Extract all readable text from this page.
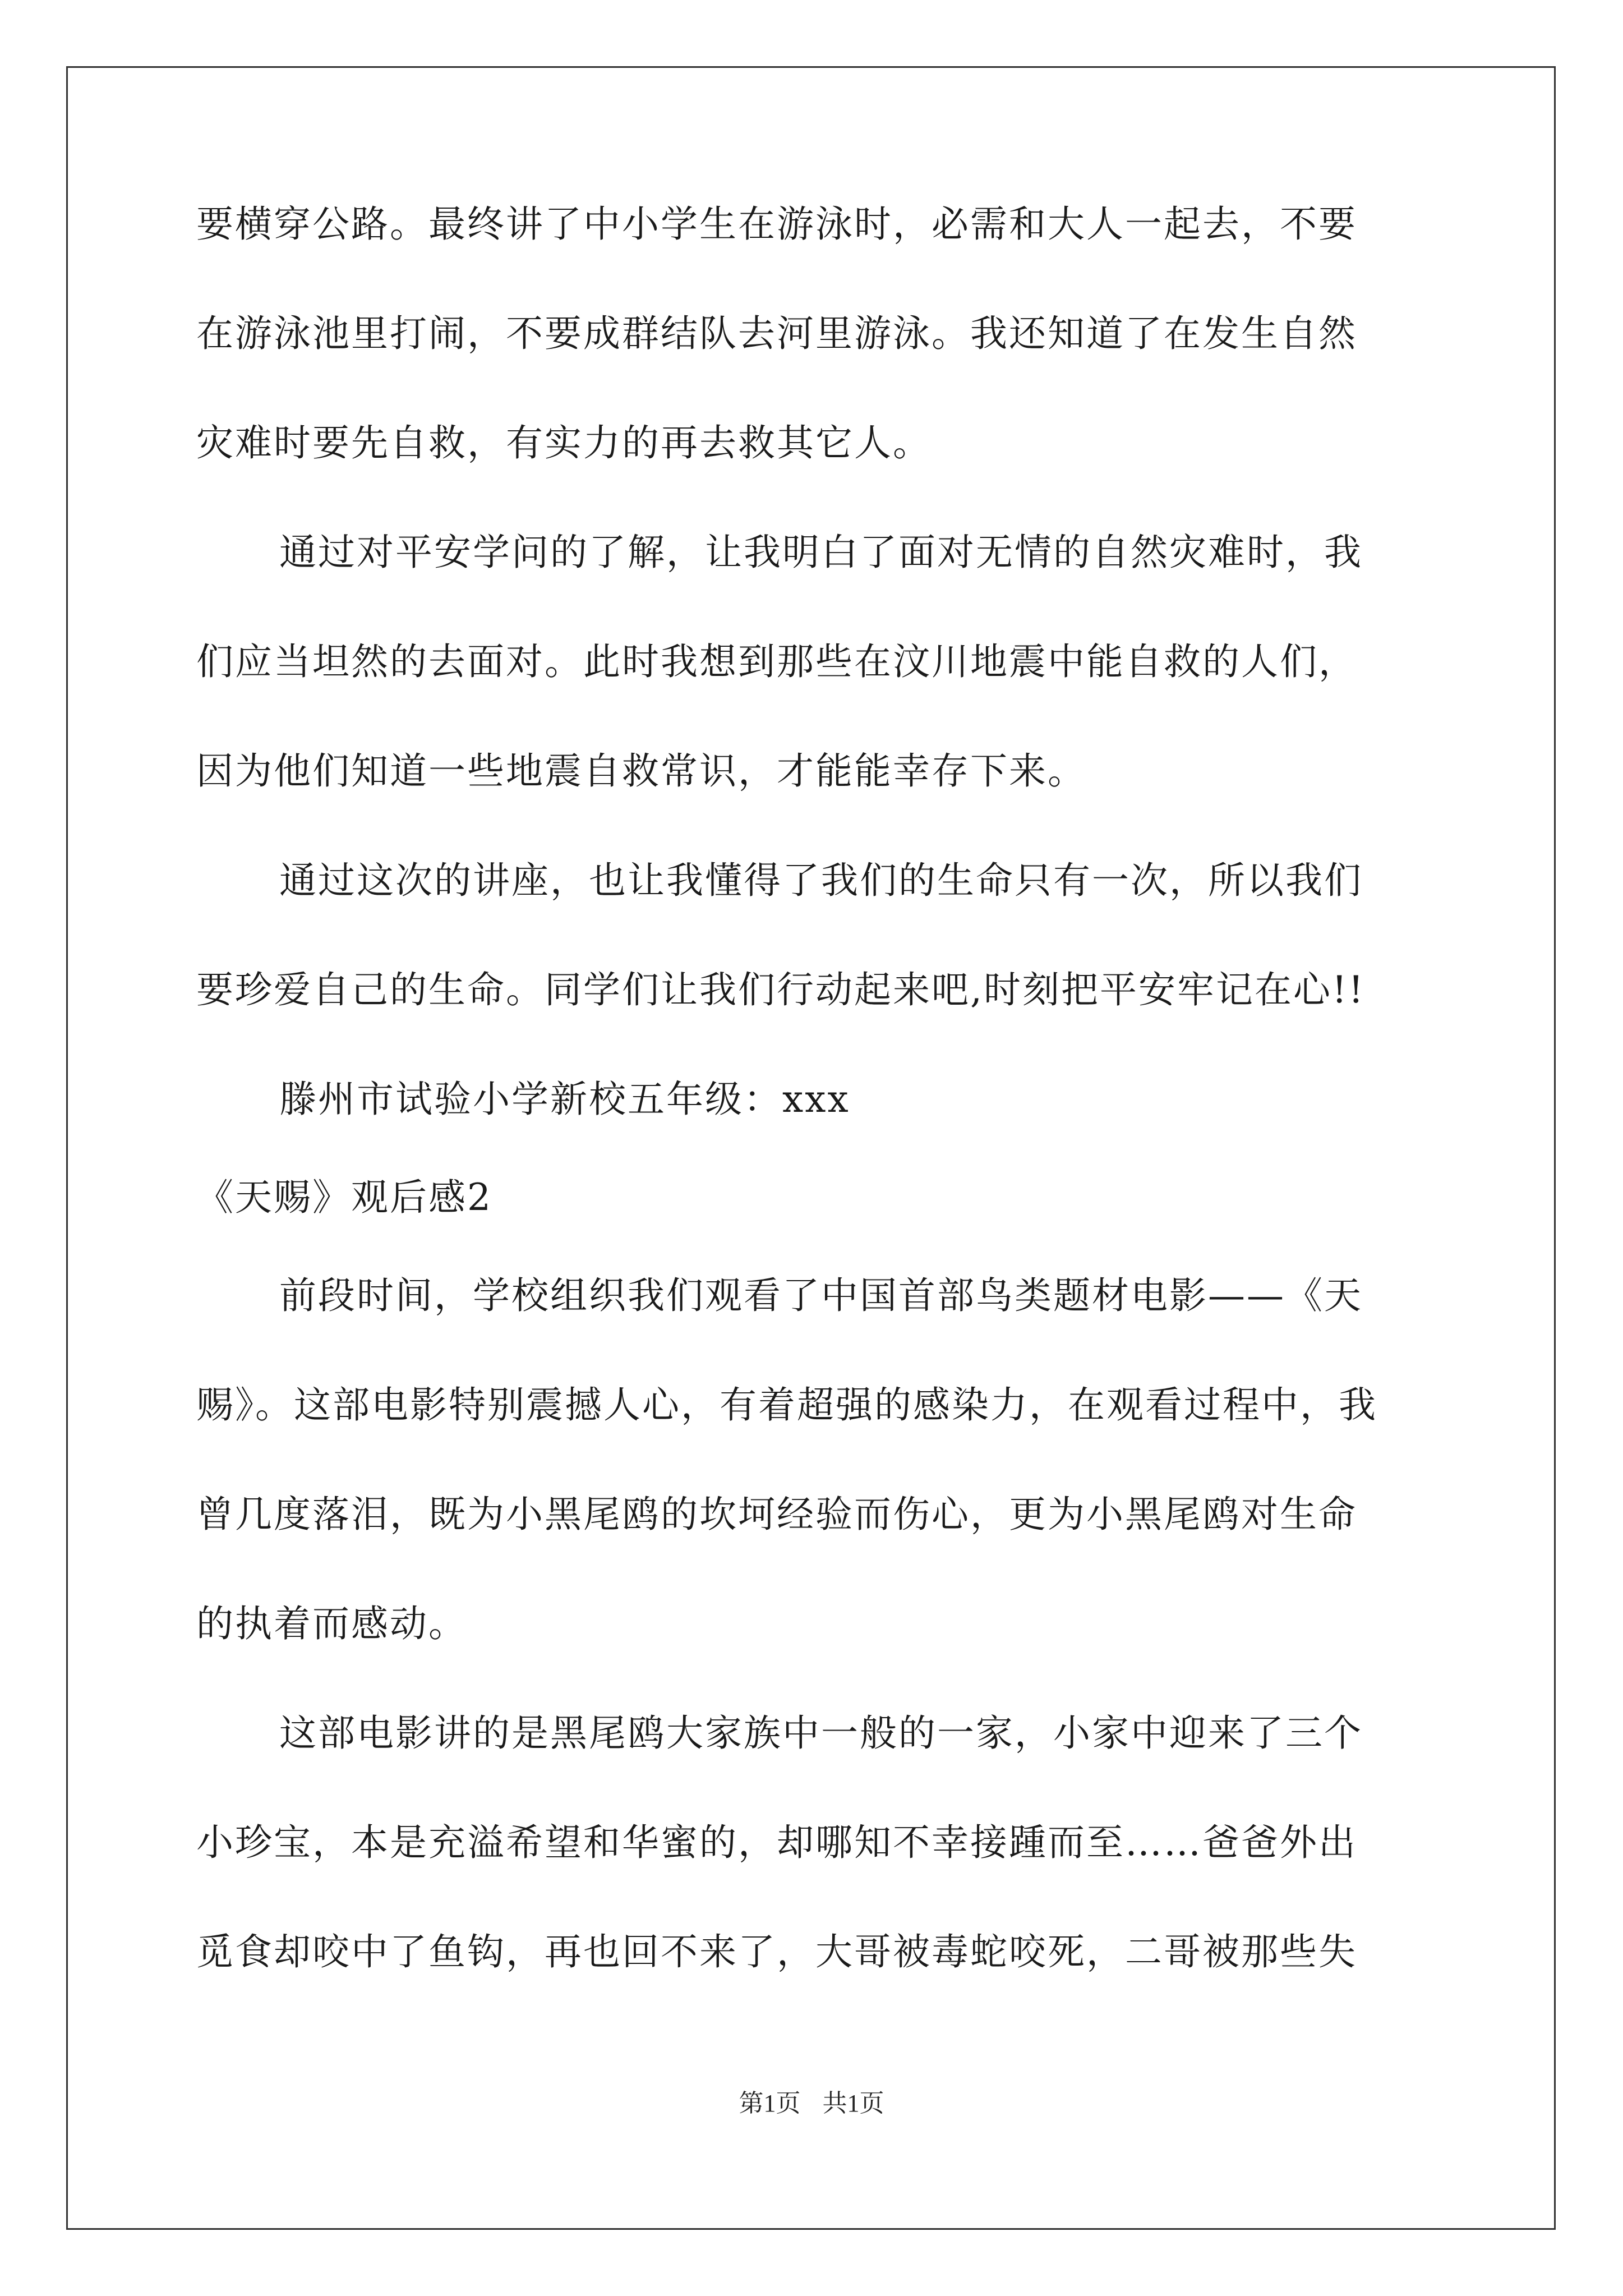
要横穿公路。最终讲了中小学生在游泳时，必需和大人一起去，不要
在游泳池里打闹，不要成群结队去河里游泳。我还知道了在发生自然
灾难时要先自救，有实力的再去救其它人。
通过对平安学问的了解，让我明白了面对无情的自然灾难时，我
们应当坦然的去面对。此时我想到那些在汶川地震中能自救的人们，
因为他们知道一些地震自救常识，才能能幸存下来。
通过这次的讲座，也让我懂得了我们的生命只有一次，所以我们
要珍爱自己的生命。同学们让我们行动起来吧,时刻把平安牢记在心!!
滕州市试验小学新校五年级：xxx
《天赐》观后感2
前段时间，学校组织我们观看了中国首部鸟类题材电影——《天
赐》。这部电影特别震撼人心，有着超强的感染力，在观看过程中，我
曾几度落泪，既为小黑尾鸥的坎坷经验而伤心，更为小黑尾鸥对生命
的执着而感动。
这部电影讲的是黑尾鸥大家族中一般的一家，小家中迎来了三个
小珍宝，本是充溢希望和华蜜的，却哪知不幸接踵而至……爸爸外出
觅食却咬中了鱼钩，再也回不来了，大哥被毒蛇咬死，二哥被那些失
第1页 共1页
